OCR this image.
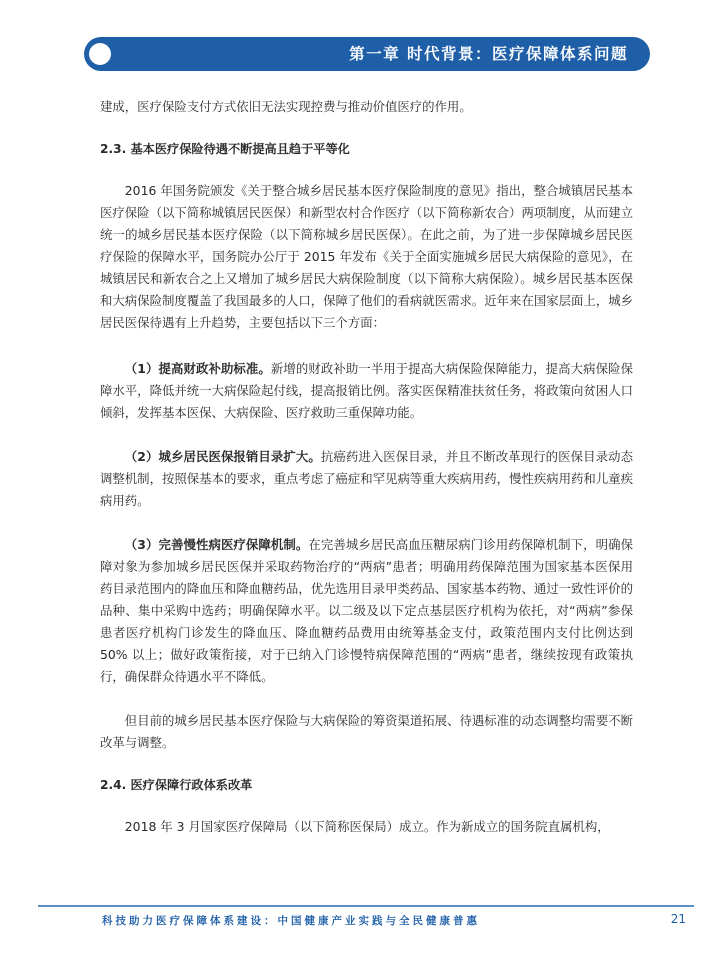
第一章 时代背景：医疗保障体系问题

建成，医疗保险支付方式依旧无法实现控费与推动价值医疗的作用。

2.3. 基本医疗保险待遇不断提高且趋于平等化

2016 年国务院颁发《关于整合城乡居民基本医疗保险制度的意见》指出，整合城镇居民基本医疗保险（以下简称城镇居民医保）和新型农村合作医疗（以下简称新农合）两项制度，从而建立统一的城乡居民基本医疗保险（以下简称城乡居民医保）。在此之前，为了进一步保障城乡居民医疗保险的保障水平，国务院办公厅于 2015 年发布《关于全面实施城乡居民大病保险的意见》，在城镇居民和新农合之上又增加了城乡居民大病保险制度（以下简称大病保险）。城乡居民基本医保和大病保险制度覆盖了我国最多的人口，保障了他们的看病就医需求。近年来在国家层面上，城乡居民医保待遇有上升趋势，主要包括以下三个方面：

（1）提高财政补助标准。新增的财政补助一半用于提高大病保险保障能力，提高大病保险保障水平，降低并统一大病保险起付线，提高报销比例。落实医保精准扶贫任务，将政策向贫困人口倾斜，发挥基本医保、大病保险、医疗救助三重保障功能。

（2）城乡居民医保报销目录扩大。抗癌药进入医保目录，并且不断改革现行的医保目录动态调整机制，按照保基本的要求，重点考虑了癌症和罕见病等重大疾病用药，慢性疾病用药和儿童疾病用药。

（3）完善慢性病医疗保障机制。在完善城乡居民高血压糖尿病门诊用药保障机制下，明确保障对象为参加城乡居民医保并采取药物治疗的“两病”患者；明确用药保障范围为国家基本医保用药目录范围内的降血压和降血糖药品，优先选用目录甲类药品、国家基本药物、通过一致性评价的品种、集中采购中选药；明确保障水平。以二级及以下定点基层医疗机构为依托，对“两病”参保患者医疗机构门诊发生的降血压、降血糖药品费用由统筹基金支付，政策范围内支付比例达到 50% 以上；做好政策衔接，对于已纳入门诊慢特病保障范围的“两病”患者，继续按现有政策执行，确保群众待遇水平不降低。

但目前的城乡居民基本医疗保险与大病保险的筹资渠道拓展、待遇标准的动态调整均需要不断改革与调整。

2.4. 医疗保障行政体系改革

2018 年 3 月国家医疗保障局（以下简称医保局）成立。作为新成立的国务院直属机构，

科技助力医疗保障体系建设：中国健康产业实践与全民健康普惠	21
